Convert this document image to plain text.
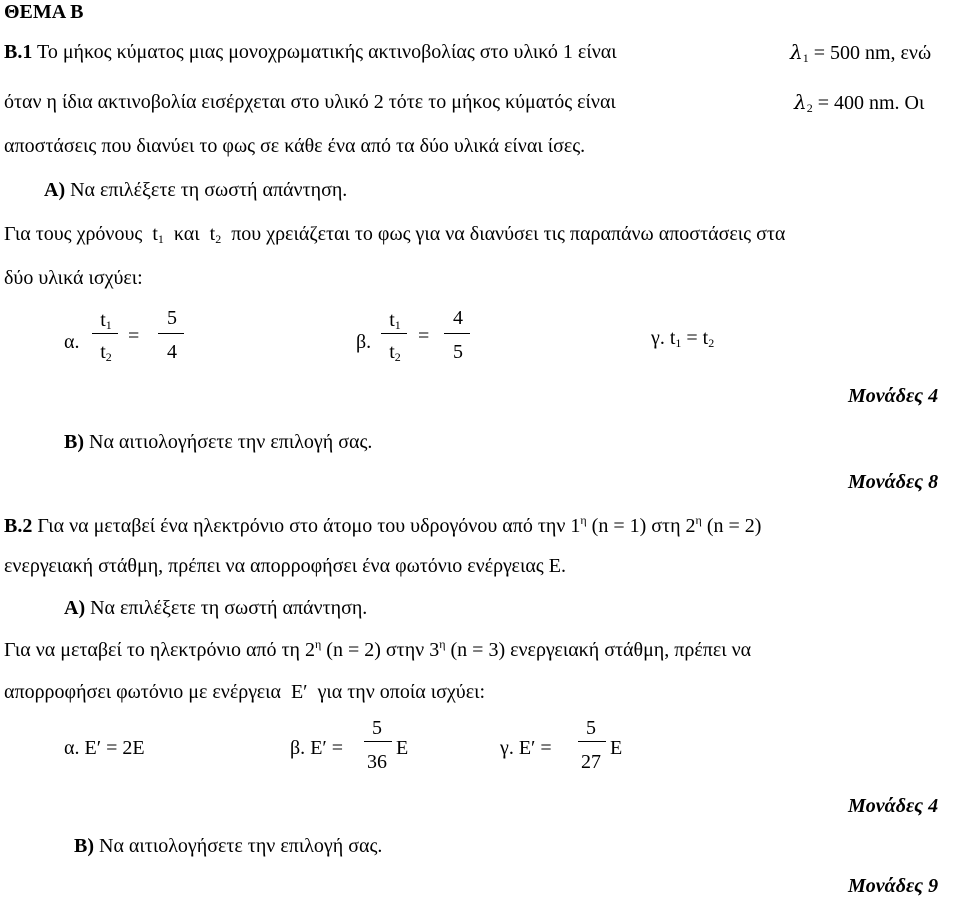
ΘΕΜΑ Β
Β.1 Το μήκος κύματος μιας μονοχρωματικής ακτινοβολίας στο υλικό 1 είναι	$\lambda_1 = 500$ nm, ενώ
όταν η ίδια ακτινοβολία εισέρχεται στο υλικό 2 τότε το μήκος κύματός είναι	$\lambda_2 = 400$ nm. Οι
αποστάσεις που διανύει το φως σε κάθε ένα από τα δύο υλικά είναι ίσες.
Α) Να επιλέξετε τη σωστή απάντηση.
Για τους χρόνους  $t_1$ και  $t_2$ που χρειάζεται το φως για να διανύσει τις παραπάνω αποστάσεις στα
δύο υλικά ισχύει:
α.
$t_1$
$t_2$
=
5
4	β.
$t_1$
$t_2$
=
4
5
γ. $t_1 = t_2$
Μονάδες 4
Β) Να αιτιολογήσετε την επιλογή σας.
Μονάδες 8
Β.2 Για να μεταβεί ένα ηλεκτρόνιο στο άτομο του υδρογόνου από την $1^\eta$ (n = 1) στη $2^\eta$ (n = 2)
ενεργειακή στάθμη, πρέπει να απορροφήσει ένα φωτόνιο ενέργειας Ε.
Α) Να επιλέξετε τη σωστή απάντηση.
Για να μεταβεί το ηλεκτρόνιο από τη $2^\eta$ (n = 2) στην $3^\eta$ (n = 3) ενεργειακή στάθμη, πρέπει να
απορροφήσει φωτόνιο με ενέργεια  E′  για την οποία ισχύει:
α. E′ = 2E	β. E′ =
5
36
E	γ. E′ =
5
27
E
Μονάδες 4
Β) Να αιτιολογήσετε την επιλογή σας.
Μονάδες 9
